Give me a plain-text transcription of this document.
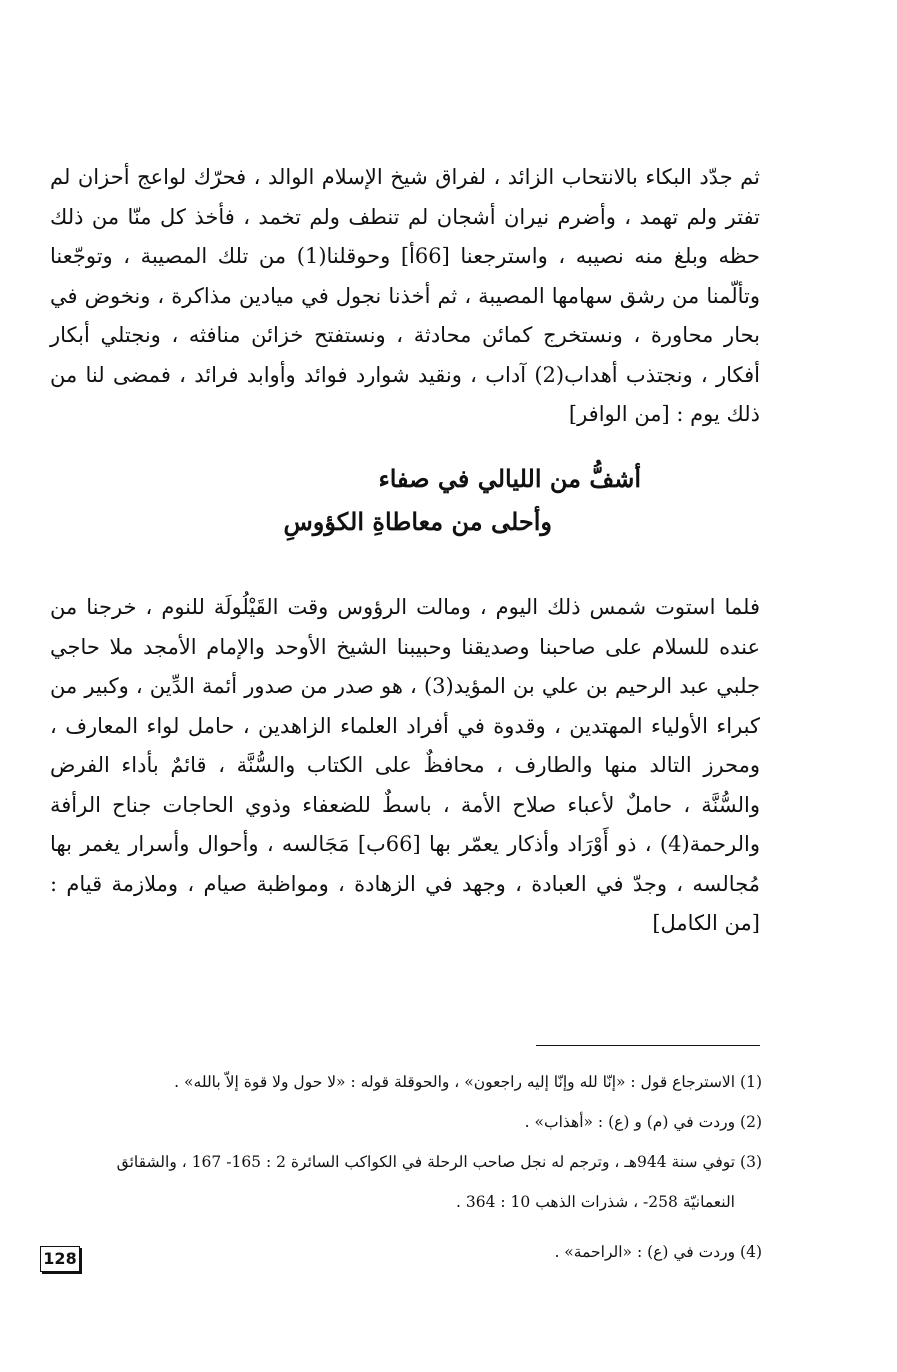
ثم جدّد البكاء بالانتحاب الزائد ، لفراق شيخ الإسلام الوالد ، فحرّك لواعج أحزان لم تفتر ولم تهمد ، وأضرم نيران أشجان لم تنطف ولم تخمد ، فأخذ كل منّا من ذلك حظه وبلغ منه نصيبه ، واسترجعنا [66أ] وحوقلنا(1) من تلك المصيبة ، وتوجّعنا وتألّمنا من رشق سهامها المصيبة ، ثم أخذنا نجول في ميادين مذاكرة ، ونخوض في بحار محاورة ، ونستخرج كمائن محادثة ، ونستفتح خزائن منافثه ، ونجتلي أبكار أفكار ، ونجتذب أهداب(2) آداب ، ونقيد شوارد فوائد وأوابد فرائد ، فمضى لنا من ذلك يوم : [من الوافر]

أشفُّ من الليالي في صفاء
وأحلى من معاطاةِ الكؤوسِ

فلما استوت شمس ذلك اليوم ، ومالت الرؤوس وقت القَيْلُولَة للنوم ، خرجنا من عنده للسلام على صاحبنا وصديقنا وحبيبنا الشيخ الأوحد والإمام الأمجد ملا حاجي جلبي عبد الرحيم بن علي بن المؤيد(3) ، هو صدر من صدور أئمة الدِّين ، وكبير من كبراء الأولياء المهتدين ، وقدوة في أفراد العلماء الزاهدين ، حامل لواء المعارف ، ومحرز التالد منها والطارف ، محافظٌ على الكتاب والسُّنَّة ، قائمٌ بأداء الفرض والسُّنَّة ، حاملٌ لأعباء صلاح الأمة ، باسطٌ للضعفاء وذوي الحاجات جناح الرأفة والرحمة(4) ، ذو أَوْرَاد وأذكار يعمّر بها [66ب] مَجَالسه ، وأحوال وأسرار يغمر بها مُجالسه ، وجدّ في العبادة ، وجهد في الزهادة ، ومواظبة صيام ، وملازمة قيام : [من الكامل]

(1) الاسترجاع قول : «إنّا لله وإنّا إليه راجعون» ، والحوقلة قوله : «لا حول ولا قوة إلاّ بالله» .
(2) وردت في (م) و (ع) : «أهذاب» .
(3) توفي سنة 944هـ ، وترجم له نجل صاحب الرحلة في الكواكب السائرة 2 : 165- 167 ، والشقائق
النعمانيّة 258- ، شذرات الذهب 10 : 364 .
(4) وردت في (ع) : «الراحمة» .
128
